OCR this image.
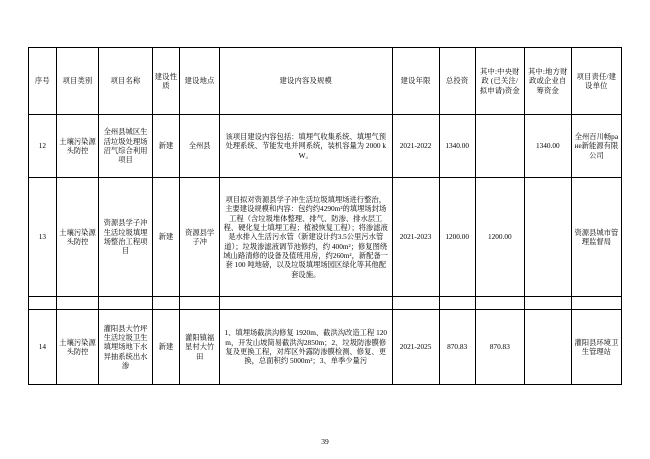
序号	项目类别	项目名称	建设性质	建设地点	建设内容及规模	建设年限	总投资	其中:中央财政 (已关注/拟申请)资金	其中:地方财政或企业自筹资金	项目责任/建设单位
12	土壤污染源头防控	全州县城区生活垃圾处理场沼气综合利用项目	新建	全州县	该项目建设内容包括：填埋气收集系统、填埋气预处理系统、节能发电并网系统，装机容量为 2000 kW。	2021-2022	1340.00		1340.00	全州百川畅ране新能源有限公司
13	土壤污染源头防控	资源县学子冲生活垃圾填埋场整治工程项目	新建	资源县学子冲	项目拟对资源县学子冲生活垃圾填埋场进行整治，主要建设规模和内容：包约约4290m²的填埋场封场工程（含垃圾堆体整理、排气、防渗、排水层工程、硬化复土填埋工程；植被恢复工程）；将渗滤液是水排入生活污水管（新建设计约3.5公里污水管道）；垃圾渗滤液调节池修约，约 400m²；修复图绕域山路清修的设备及值班用房，约260m²，新配备一套 100 吨地磅，以及垃圾填埋场园区绿化等其他配套设施。	2021-2023	1200.00	1200.00		资源县城市管理监督局

14	土壤污染源头防控	灌阳县大竹坪生活垃圾卫生填埋场地下水异抽系统出水渗	新建	灌阳镇福星村大竹田	1、填埋场截洪沟修复 1920m、截洪沟改造工程 120m，开发山坡简易截洪沟2850m；2、垃圾防渗膜修复及更换工程，对库区外露防渗膜检测、修复、更换，总面积约 5000m²；3、单季少量污	2021-2025	870.83	870.83		灌阳县环境卫生管理站
39
